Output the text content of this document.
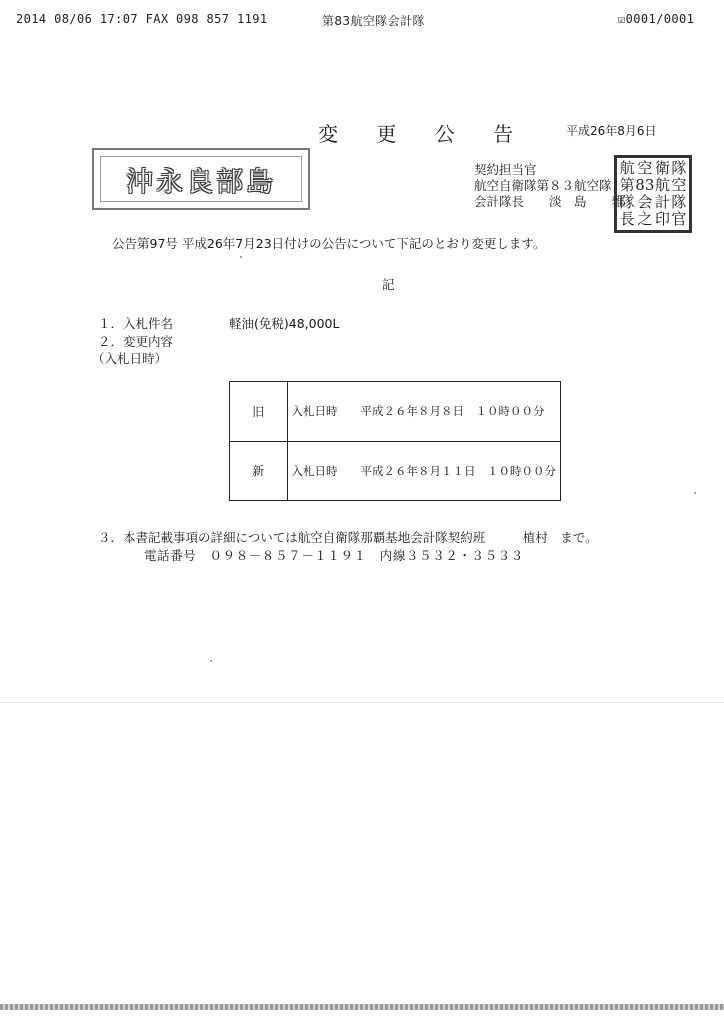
2014 08/06 17:07 FAX 098 857 1191	第83航空隊会計隊	☑0001/0001
変 更 公 告	平成26年8月6日
沖永良部島	契約担当官
航空自衛隊第８３航空隊
会計隊長　　淡　島　　雅
航 空 衛 隊
第 83 航 空
隊 会 計 隊
長 之 印 官
公告第97号 平成26年7月23日付けの公告について下記のとおり変更します。
記
１．入札件名	軽油(免税)48,000L
２．変更内容
（入札日時）
旧	入札日時　　平成２６年８月８日　１０時００分
新	入札日時　　平成２６年８月１１日　１０時００分
３．本書記載事項の詳細については航空自衛隊那覇基地会計隊契約班　　　植村　まで。
電話番号　０９８－８５７－１１９１　内線３５３２・３５３３
